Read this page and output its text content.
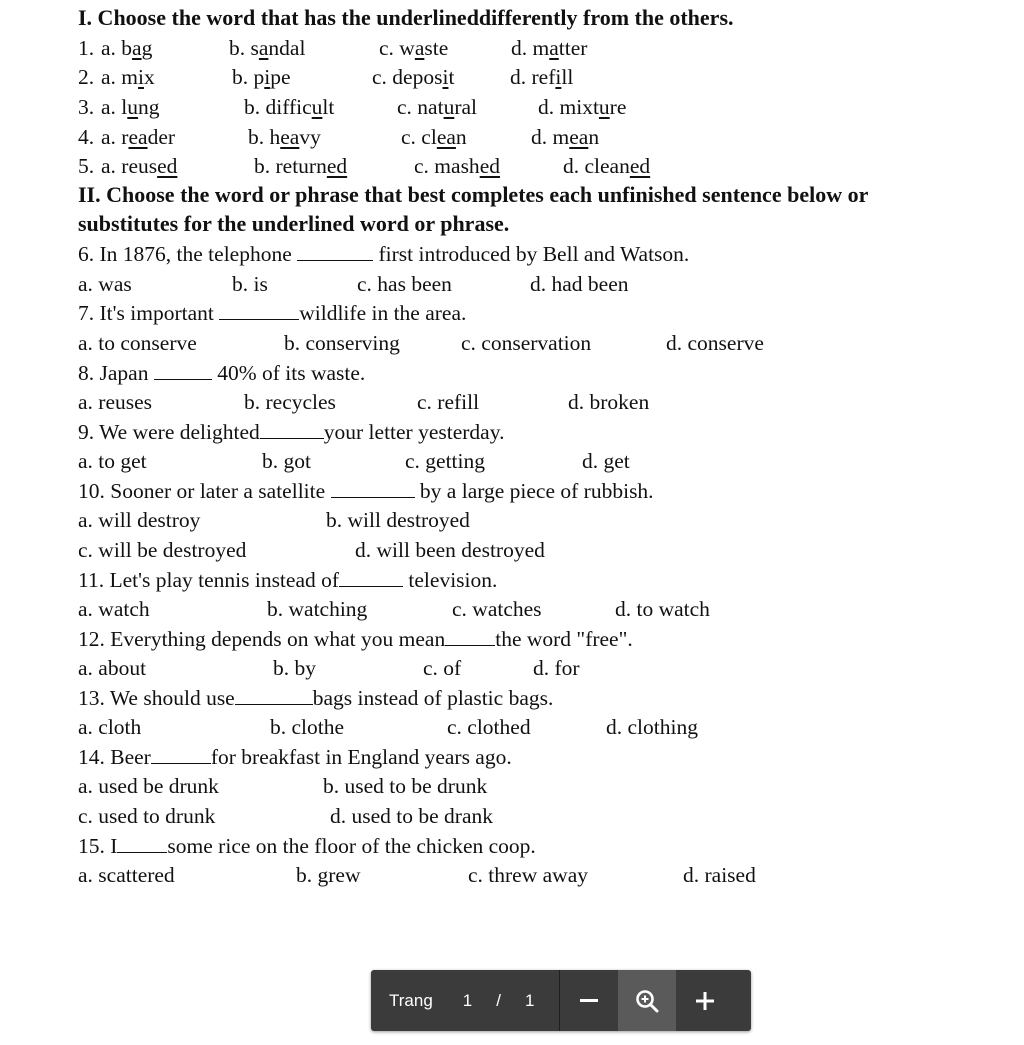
I. Choose the word that has the underlineddifferently from the others.
1. a. bag	b. sandal	c. waste	d. matter
2. a. mix	b. pipe	c. deposit	d. refill
3. a. lung	b. difficult	c. natural	d. mixture
4. a. reader	b. heavy	c. clean	d. mean
5. a. reused	b. returned	c. mashed	d. cleaned
II. Choose the word or phrase that best completes each unfinished sentence below or
substitutes for the underlined word or phrase.
6. In 1876, the telephone	first introduced by Bell and Watson.
a. was	b. is	c. has been	d. had been
7. It's important	wildlife in the area.
a. to conserve	b. conserving	c. conservation	d. conserve
8. Japan	40% of its waste.
a. reuses	b. recycles	c. refill	d. broken
9. We were delighted	your letter yesterday.
a. to get	b. got	c. getting	d. get
10. Sooner or later a satellite	by a large piece of rubbish.
a. will destroy	b. will destroyed
c. will be destroyed	d. will been destroyed
11. Let's play tennis instead of	television.
a. watch	b. watching	c. watches	d. to watch
12. Everything depends on what you mean the word "free".
a. about	b. by	c. of	d. for
13. We should use	bags instead of plastic bags.
a. cloth	b. clothe	c. clothed	d. clothing
14. Beer	for breakfast in England years ago.
a. used be drunk	b. used to be drunk
c. used to drunk	d. used to be drank
15. I some rice on the floor of the chicken coop.
a. scattered	b. grew	c. threw away	d. raised
Trang 1 / 1
